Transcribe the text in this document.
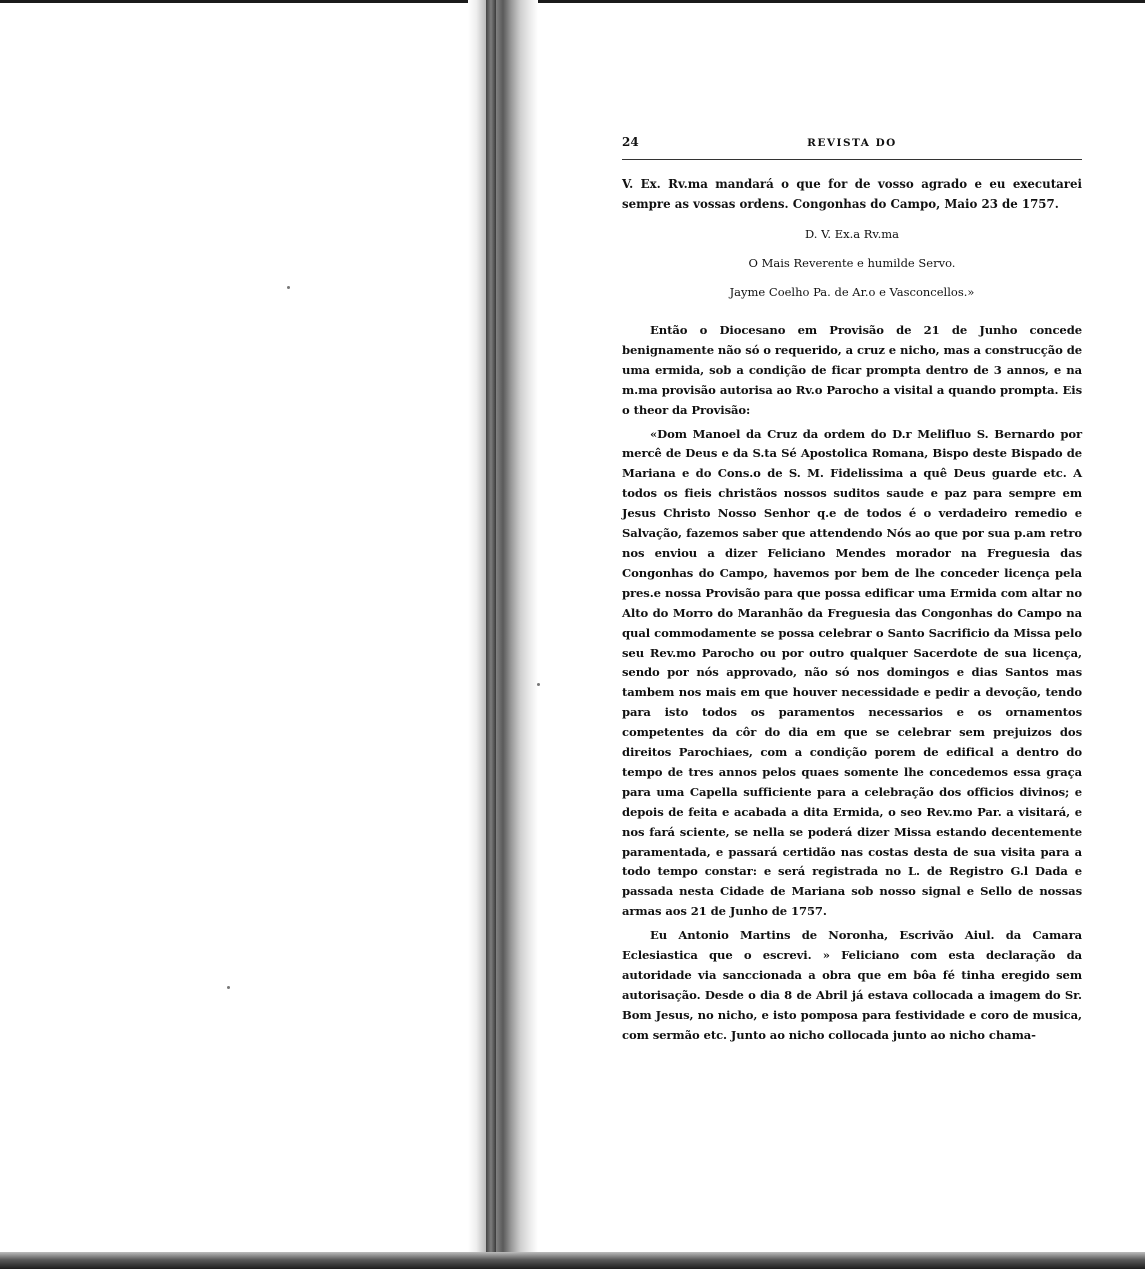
24	REVISTA DO
V. Ex. Rv.ma mandará o que for de vosso agrado e eu executarei sempre as vossas ordens. Congonhas do Campo, Maio 23 de 1757.
D. V. Ex.a Rv.ma
O Mais Reverente e humilde Servo.
Jayme Coelho Pa. de Ar.o e Vasconcellos.»

Então o Diocesano em Provisão de 21 de Junho concede benignamente não só o requerido, a cruz e nicho, mas a construcção de uma ermida, sob a condição de ficar prompta dentro de 3 annos, e na m.ma provisão autorisa ao Rv.o Parocho a visital a quando prompta. Eis o theor da Provisão:

«Dom Manoel da Cruz da ordem do D.r Melifluo S. Bernardo por mercê de Deus e da S.ta Sé Apostolica Romana, Bispo deste Bispado de Mariana e do Cons.o de S. M. Fidelissima a quê Deus guarde etc. A todos os fieis christãos nossos suditos saude e paz para sempre em Jesus Christo Nosso Senhor q.e de todos é o verdadeiro remedio e Salvação, fazemos saber que attendendo Nós ao que por sua p.am retro nos enviou a dizer Feliciano Mendes morador na Freguesia das Congonhas do Campo, havemos por bem de lhe conceder licença pela pres.e nossa Provisão para que possa edificar uma Ermida com altar no Alto do Morro do Maranhão da Freguesia das Congonhas do Campo na qual commodamente se possa celebrar o Santo Sacrificio da Missa pelo seu Rev.mo Parocho ou por outro qualquer Sacerdote de sua licença, sendo por nós approvado, não só nos domingos e dias Santos mas tambem nos mais em que houver necessidade e pedir a devoção, tendo para isto todos os paramentos necessarios e os ornamentos competentes da côr do dia em que se celebrar sem prejuizos dos direitos Parochiaes, com a condição porem de edifical a dentro do tempo de tres annos pelos quaes somente lhe concedemos essa graça para uma Capella sufficiente para a celebração dos officios divinos; e depois de feita e acabada a dita Ermida, o seo Rev.mo Par. a visitará, e nos fará sciente, se nella se poderá dizer Missa estando decentemente paramentada, e passará certidão nas costas desta de sua visita para a todo tempo constar: e será registrada no L. de Registro G.l Dada e passada nesta Cidade de Mariana sob nosso signal e Sello de nossas armas aos 21 de Junho de 1757.

Eu Antonio Martins de Noronha, Escrivão Aiul. da Camara Eclesiastica que o escrevi. » Feliciano com esta declaração da autoridade via sanccionada a obra que em bôa fé tinha eregido sem autorisação. Desde o dia 8 de Abril já estava collocada a imagem do Sr. Bom Jesus, no nicho, e isto pomposa para festividade e coro de musica, com sermão etc. Junto ao nicho collocada junto ao nicho chama-
